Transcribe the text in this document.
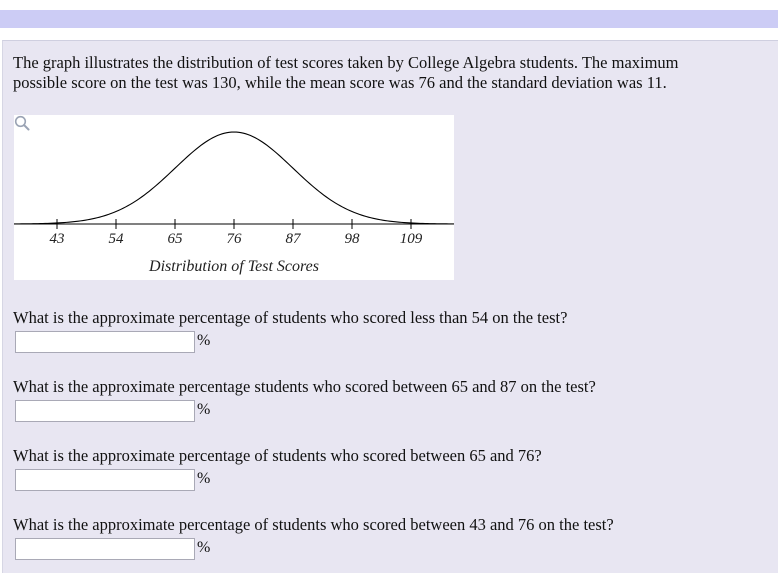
The graph illustrates the distribution of test scores taken by College Algebra students. The maximum
possible score on the test was 130, while the mean score was 76 and the standard deviation was 11.
43	54	65	76	87	98	109
Distribution of Test Scores
What is the approximate percentage of students who scored less than 54 on the test?
%
What is the approximate percentage students who scored between 65 and 87 on the test?
%
What is the approximate percentage of students who scored between 65 and 76?
%
What is the approximate percentage of students who scored between 43 and 76 on the test?
%
